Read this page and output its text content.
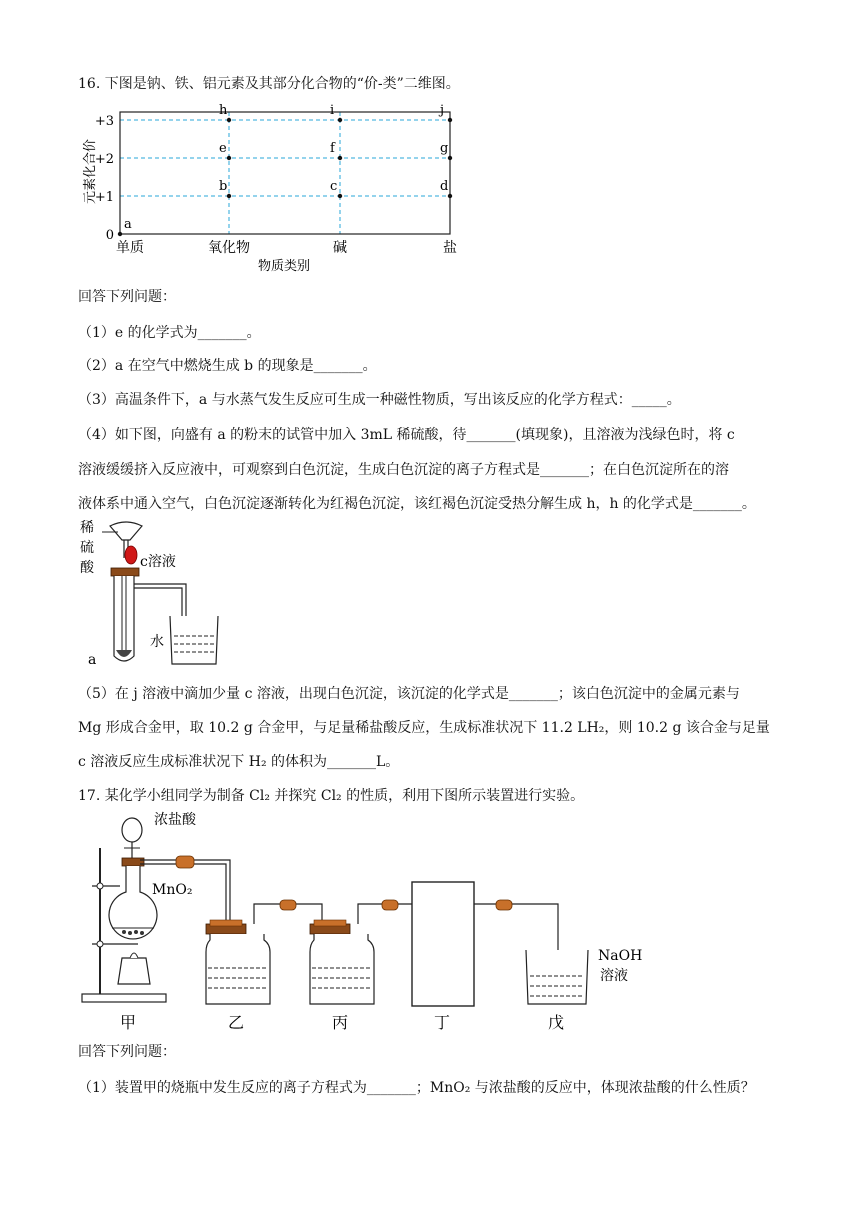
16. 下图是钠、铁、铝元素及其部分化合物的“价-类”二维图。
0
+1
+2
+3
单质	氧化物	碱	盐
a
b	c	d
e	f	g
h	i	j
元素化合价
物质类别
回答下列问题：
（1）e 的化学式为_______。
（2）a 在空气中燃烧生成 b 的现象是_______。
（3）高温条件下，a 与水蒸气发生反应可生成一种磁性物质，写出该反应的化学方程式：_____。
（4）如下图，向盛有 a 的粉末的试管中加入 3mL 稀硫酸，待_______(填现象)，且溶液为浅绿色时，将 c
溶液缓缓挤入反应液中，可观察到白色沉淀，生成白色沉淀的离子方程式是_______；在白色沉淀所在的溶
液体系中通入空气，白色沉淀逐渐转化为红褐色沉淀，该红褐色沉淀受热分解生成 h，h 的化学式是_______。
稀
硫
酸	c溶液
a
水
（5）在 j 溶液中滴加少量 c 溶液，出现白色沉淀，该沉淀的化学式是_______；该白色沉淀中的金属元素与
Mg 形成合金甲，取 10.2 g 合金甲，与足量稀盐酸反应，生成标准状况下 11.2 LH₂，则 10.2 g 该合金与足量
c 溶液反应生成标准状况下 H₂ 的体积为_______L。
17. 某化学小组同学为制备 Cl₂ 并探究 Cl₂ 的性质，利用下图所示装置进行实验。
浓盐酸
MnO₂
NaOH
溶液
甲	乙	丙	丁	戊
回答下列问题：
（1）装置甲的烧瓶中发生反应的离子方程式为_______；MnO₂ 与浓盐酸的反应中，体现浓盐酸的什么性质？
